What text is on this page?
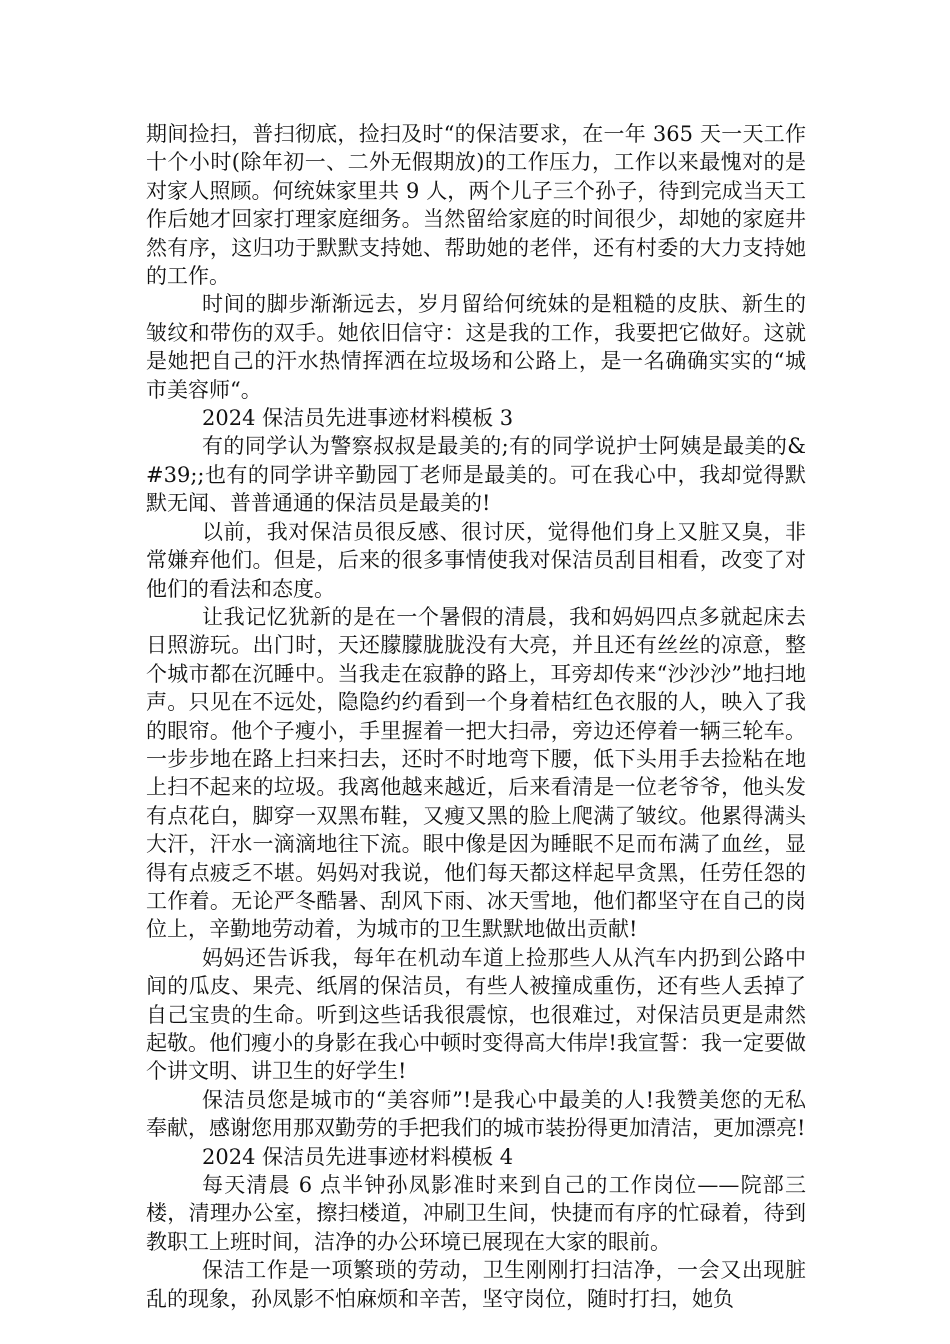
期间捡扫，普扫彻底，捡扫及时“的保洁要求，在一年 365 天一天工作十个小时(除年初一、二外无假期放)的工作压力，工作以来最愧对的是对家人照顾。何统妹家里共 9 人，两个儿子三个孙子，待到完成当天工作后她才回家打理家庭细务。当然留给家庭的时间很少，却她的家庭井然有序，这归功于默默支持她、帮助她的老伴，还有村委的大力支持她的工作。

时间的脚步渐渐远去，岁月留给何统妹的是粗糙的皮肤、新生的皱纹和带伤的双手。她依旧信守：这是我的工作，我要把它做好。这就是她把自己的汗水热情挥洒在垃圾场和公路上，是一名确确实实的“城市美容师“。

2024 保洁员先进事迹材料模板 3

有的同学认为警察叔叔是最美的;有的同学说护士阿姨是最美的&#39;;也有的同学讲辛勤园丁老师是最美的。可在我心中，我却觉得默默无闻、普普通通的保洁员是最美的!

以前，我对保洁员很反感、很讨厌，觉得他们身上又脏又臭，非常嫌弃他们。但是，后来的很多事情使我对保洁员刮目相看，改变了对他们的看法和态度。

让我记忆犹新的是在一个暑假的清晨，我和妈妈四点多就起床去日照游玩。出门时，天还朦朦胧胧没有大亮，并且还有丝丝的凉意，整个城市都在沉睡中。当我走在寂静的路上，耳旁却传来“沙沙沙”地扫地声。只见在不远处，隐隐约约看到一个身着桔红色衣服的人，映入了我的眼帘。他个子瘦小，手里握着一把大扫帚，旁边还停着一辆三轮车。一步步地在路上扫来扫去，还时不时地弯下腰，低下头用手去捡粘在地上扫不起来的垃圾。我离他越来越近，后来看清是一位老爷爷，他头发有点花白，脚穿一双黑布鞋，又瘦又黑的脸上爬满了皱纹。他累得满头大汗，汗水一滴滴地往下流。眼中像是因为睡眠不足而布满了血丝，显得有点疲乏不堪。妈妈对我说，他们每天都这样起早贪黑，任劳任怨的工作着。无论严冬酷暑、刮风下雨、冰天雪地，他们都坚守在自己的岗位上，辛勤地劳动着，为城市的卫生默默地做出贡献!

妈妈还告诉我，每年在机动车道上捡那些人从汽车内扔到公路中间的瓜皮、果壳、纸屑的保洁员，有些人被撞成重伤，还有些人丢掉了自己宝贵的生命。听到这些话我很震惊，也很难过，对保洁员更是肃然起敬。他们瘦小的身影在我心中顿时变得高大伟岸!我宣誓：我一定要做个讲文明、讲卫生的好学生!

保洁员您是城市的“美容师”!是我心中最美的人!我赞美您的无私奉献，感谢您用那双勤劳的手把我们的城市装扮得更加清洁，更加漂亮!

2024 保洁员先进事迹材料模板 4

每天清晨 6 点半钟孙凤影准时来到自己的工作岗位——院部三楼，清理办公室，擦扫楼道，冲刷卫生间，快捷而有序的忙碌着，待到教职工上班时间，洁净的办公环境已展现在大家的眼前。

保洁工作是一项繁琐的劳动，卫生刚刚打扫洁净，一会又出现脏乱的现象，孙凤影不怕麻烦和辛苦，坚守岗位，随时打扫，她负
